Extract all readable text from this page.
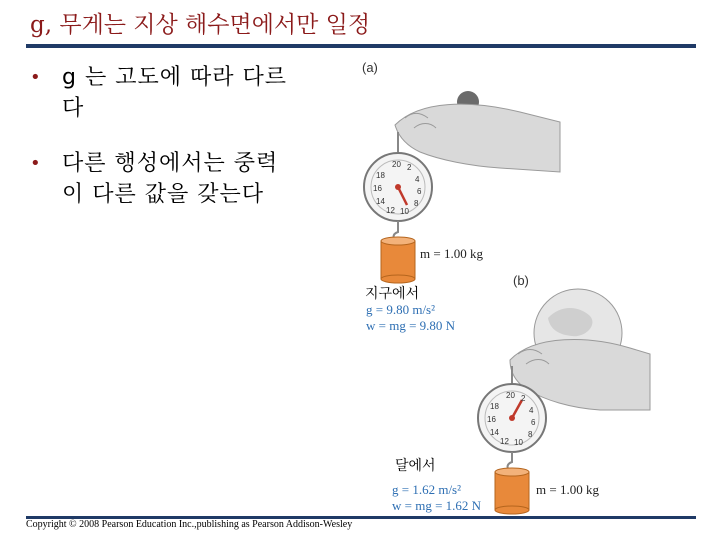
g, 무게는 지상 해수면에서만 일정
• g 는 고도에 따라 다르
다
• 다른 행성에서는 중력
이 다른 값을 갖는다
20 2
18	4
16	6
14	8
12 10
20 2
18	4
16	6
14	8
12 10
(a)
m = 1.00 kg
지구에서
g = 9.80 m/s²
w = mg = 9.80 N
(b)
달에서
g = 1.62 m/s²
w = mg = 1.62 N
m = 1.00 kg
Copyright © 2008 Pearson Education Inc.,publishing as Pearson Addison-Wesley
